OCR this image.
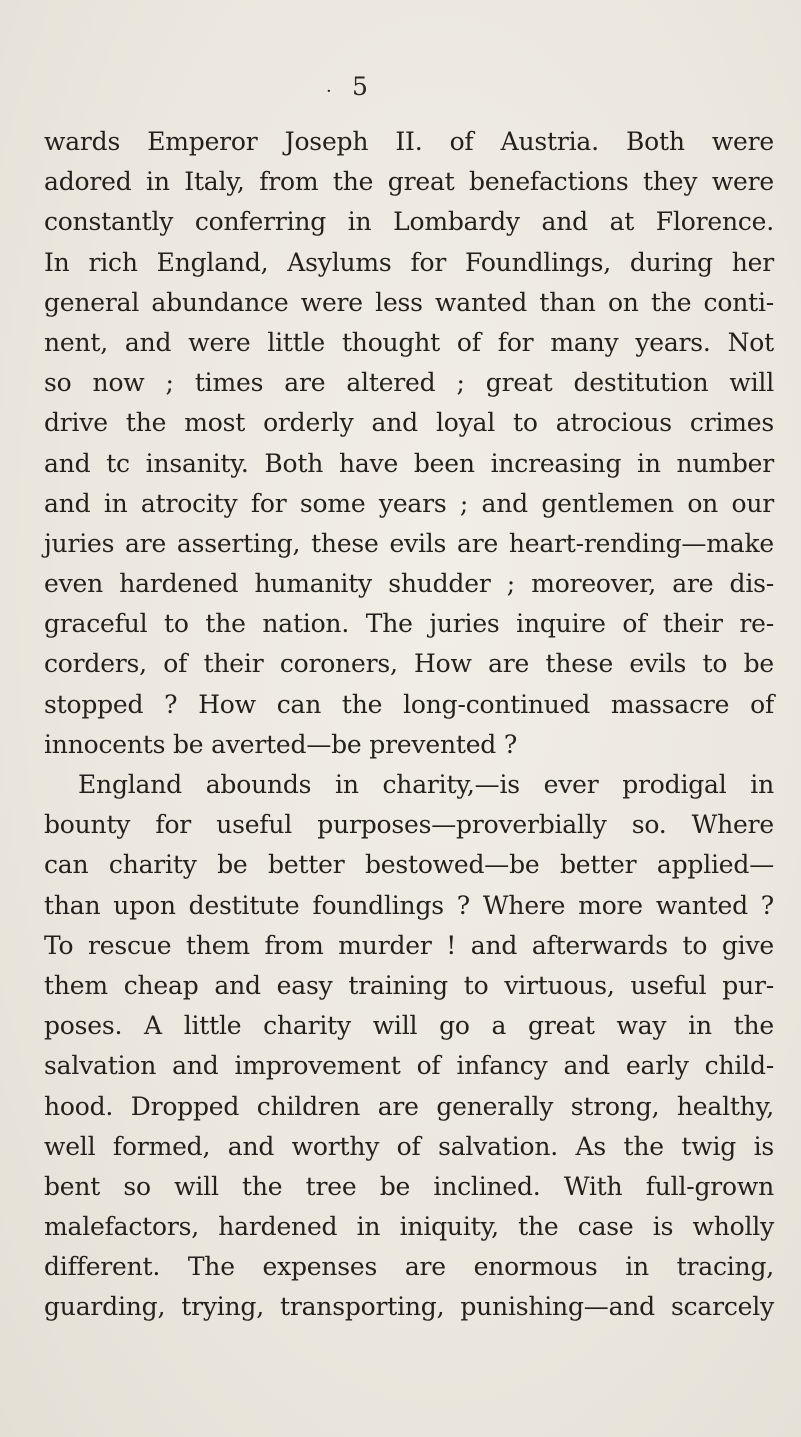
· 5
wards Emperor Joseph II. of Austria. Both were
adored in Italy, from the great benefactions they were
constantly conferring in Lombardy and at Florence.
In rich England, Asylums for Foundlings, during her
general abundance were less wanted than on the conti-
nent, and were little thought of for many years. Not
so now ; times are altered ; great destitution will
drive the most orderly and loyal to atrocious crimes
and tc insanity. Both have been increasing in number
and in atrocity for some years ; and gentlemen on our
juries are asserting, these evils are heart-rending—make
even hardened humanity shudder ; moreover, are dis-
graceful to the nation. The juries inquire of their re-
corders, of their coroners, How are these evils to be
stopped ? How can the long-continued massacre of
innocents be averted—be prevented ?
England abounds in charity,—is ever prodigal in
bounty for useful purposes—proverbially so. Where
can charity be better bestowed—be better applied—
than upon destitute foundlings ? Where more wanted ?
To rescue them from murder ! and afterwards to give
them cheap and easy training to virtuous, useful pur-
poses. A little charity will go a great way in the
salvation and improvement of infancy and early child-
hood. Dropped children are generally strong, healthy,
well formed, and worthy of salvation. As the twig is
bent so will the tree be inclined. With full-grown
malefactors, hardened in iniquity, the case is wholly
different. The expenses are enormous in tracing,
guarding, trying, transporting, punishing—and scarcely
